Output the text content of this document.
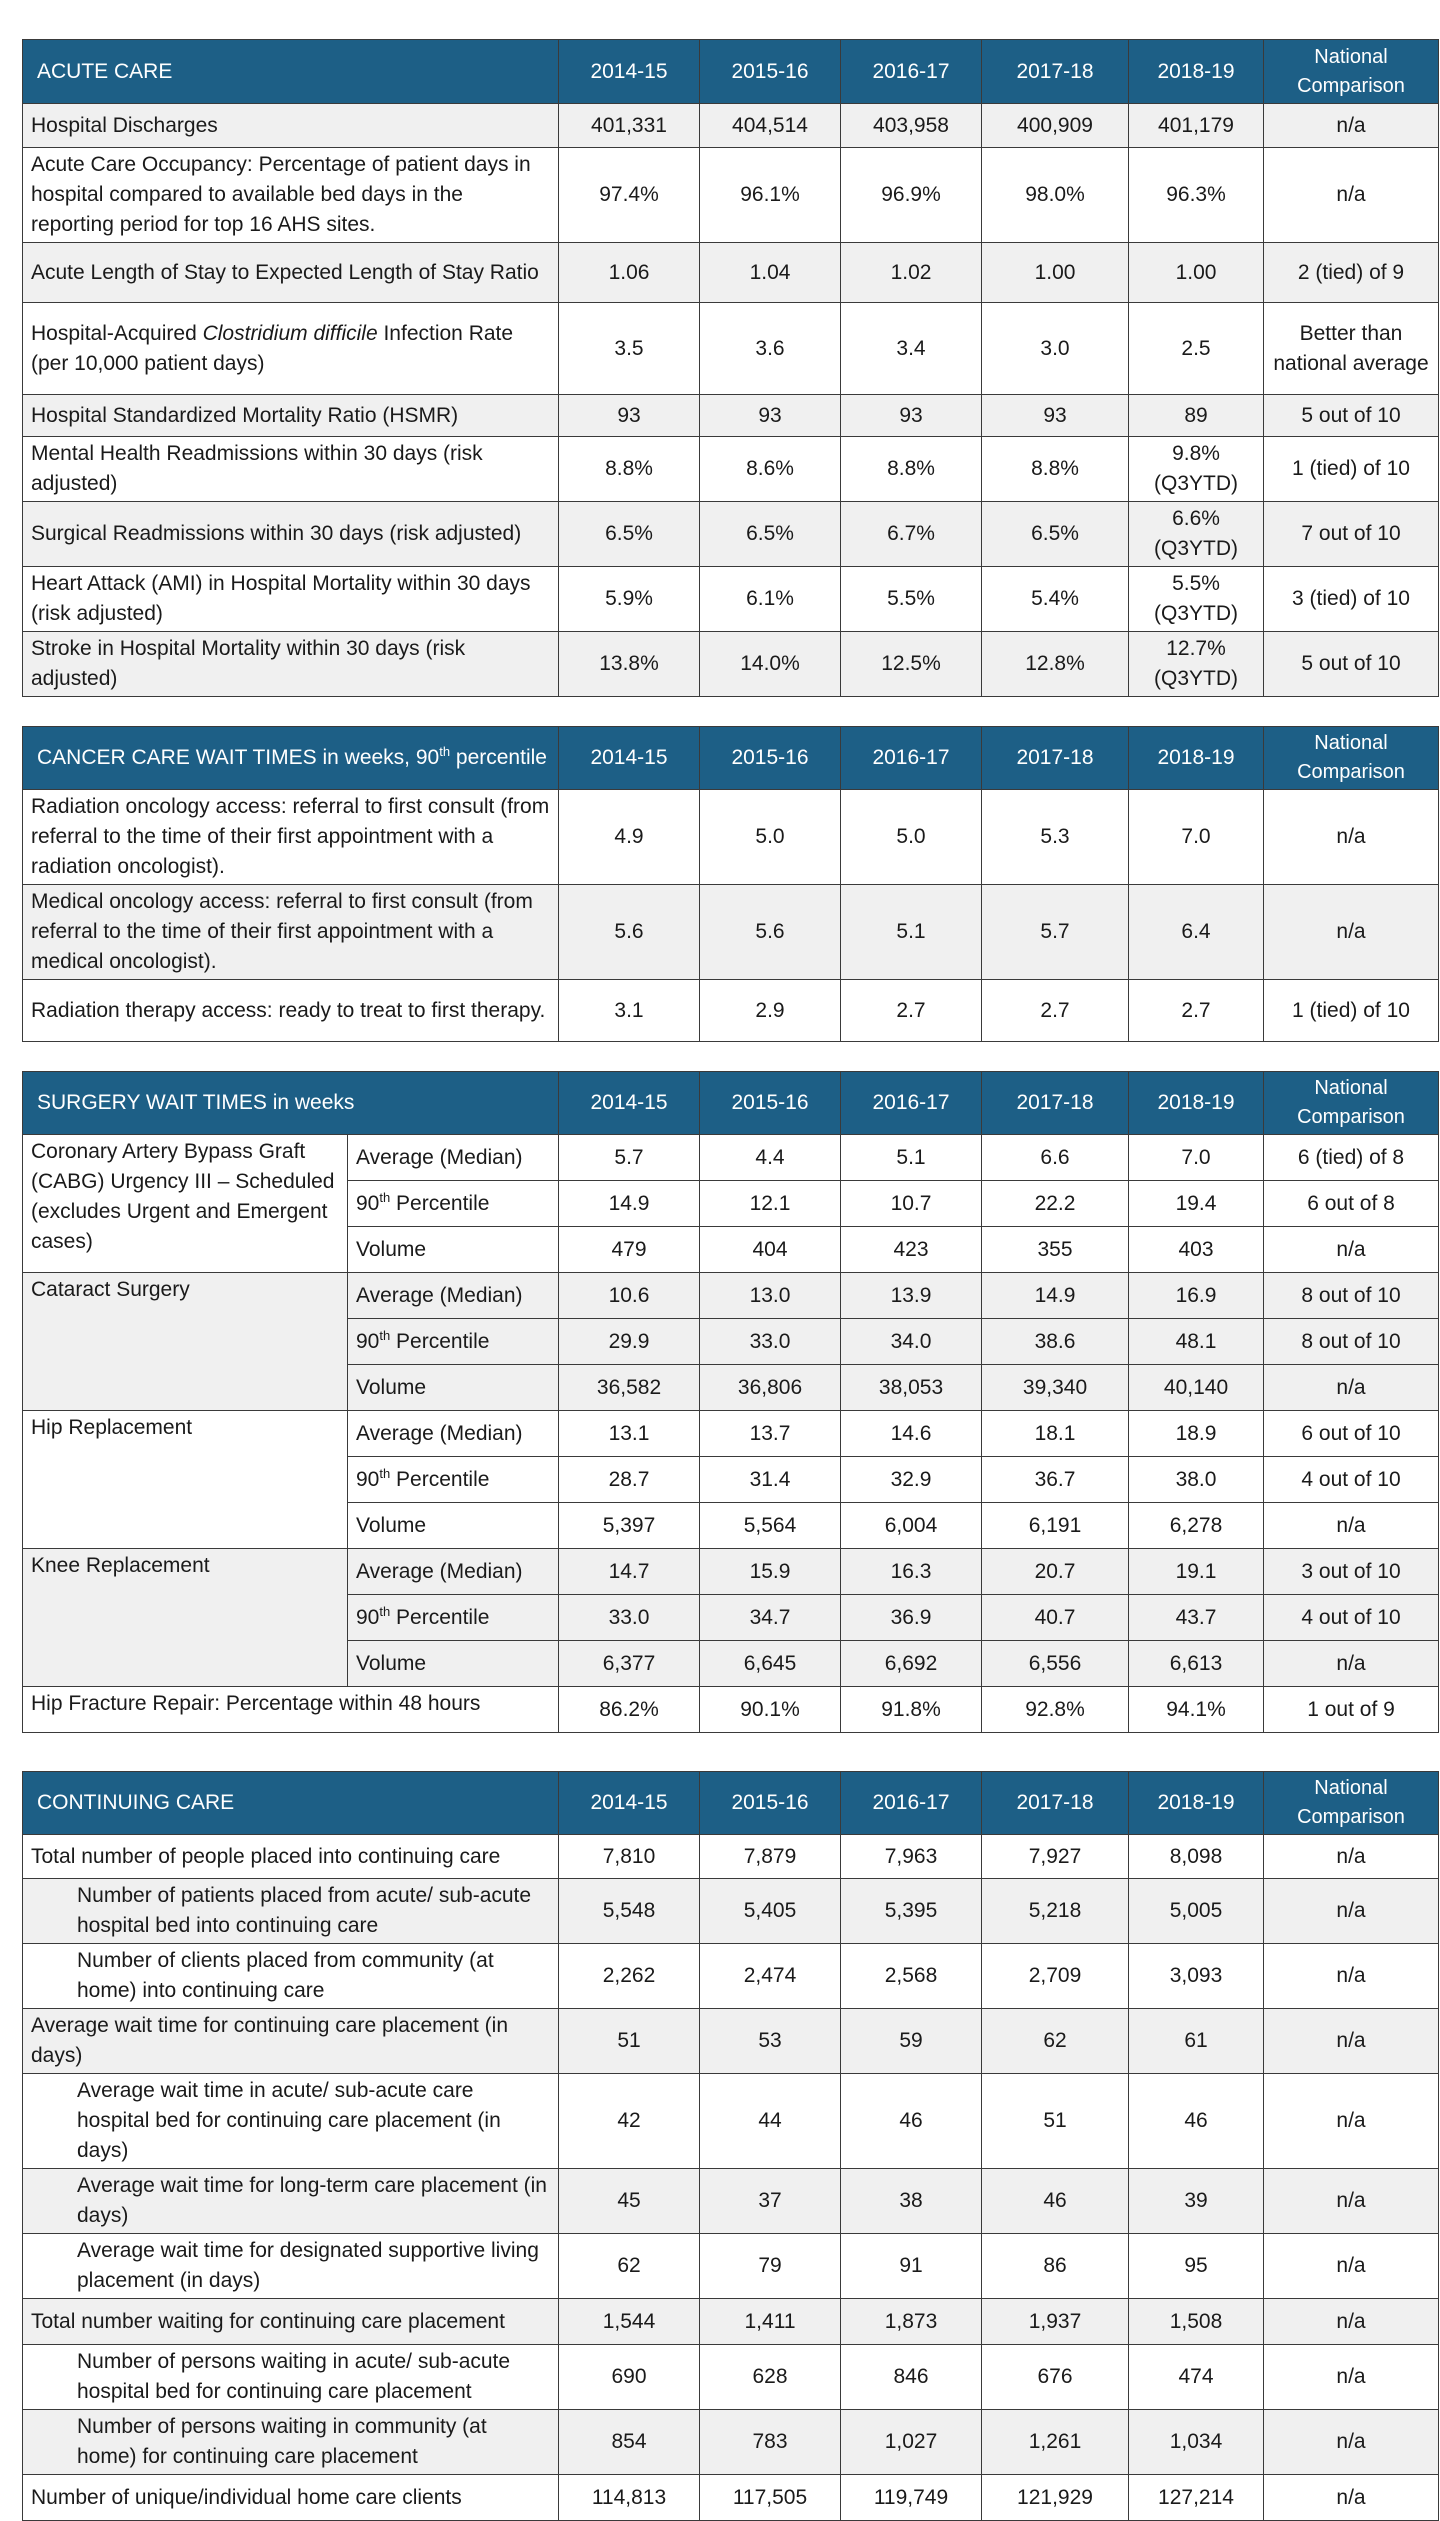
ACUTE CARE	2014-15	2015-16	2016-17	2017-18	2018-19	National Comparison
Hospital Discharges	401,331	404,514	403,958	400,909	401,179	n/a
Acute Care Occupancy: Percentage of patient days in hospital compared to available bed days in the reporting period for top 16 AHS sites.	97.4%	96.1%	96.9%	98.0%	96.3%	n/a
Acute Length of Stay to Expected Length of Stay Ratio	1.06	1.04	1.02	1.00	1.00	2 (tied) of 9
Hospital-Acquired Clostridium difficile Infection Rate (per 10,000 patient days)	3.5	3.6	3.4	3.0	2.5	Better than national average
Hospital Standardized Mortality Ratio (HSMR)	93	93	93	93	89	5 out of 10
Mental Health Readmissions within 30 days (risk adjusted)	8.8%	8.6%	8.8%	8.8%	9.8% (Q3YTD)	1 (tied) of 10
Surgical Readmissions within 30 days (risk adjusted)	6.5%	6.5%	6.7%	6.5%	6.6% (Q3YTD)	7 out of 10
Heart Attack (AMI) in Hospital Mortality within 30 days (risk adjusted)	5.9%	6.1%	5.5%	5.4%	5.5% (Q3YTD)	3 (tied) of 10
Stroke in Hospital Mortality within 30 days (risk adjusted)	13.8%	14.0%	12.5%	12.8%	12.7% (Q3YTD)	5 out of 10
CANCER CARE WAIT TIMES in weeks, 90th percentile	2014-15	2015-16	2016-17	2017-18	2018-19	National Comparison
Radiation oncology access: referral to first consult (from referral to the time of their first appointment with a radiation oncologist).	4.9	5.0	5.0	5.3	7.0	n/a
Medical oncology access: referral to first consult (from referral to the time of their first appointment with a medical oncologist).	5.6	5.6	5.1	5.7	6.4	n/a
Radiation therapy access: ready to treat to first therapy.	3.1	2.9	2.7	2.7	2.7	1 (tied) of 10
SURGERY WAIT TIMES in weeks		2014-15	2015-16	2016-17	2017-18	2018-19	National Comparison
Coronary Artery Bypass Graft (CABG) Urgency III – Scheduled (excludes Urgent and Emergent cases)	Average (Median)	5.7	4.4	5.1	6.6	7.0	6 (tied) of 8
	90th Percentile	14.9	12.1	10.7	22.2	19.4	6 out of 8
	Volume	479	404	423	355	403	n/a
Cataract Surgery	Average (Median)	10.6	13.0	13.9	14.9	16.9	8 out of 10
	90th Percentile	29.9	33.0	34.0	38.6	48.1	8 out of 10
	Volume	36,582	36,806	38,053	39,340	40,140	n/a
Hip Replacement	Average (Median)	13.1	13.7	14.6	18.1	18.9	6 out of 10
	90th Percentile	28.7	31.4	32.9	36.7	38.0	4 out of 10
	Volume	5,397	5,564	6,004	6,191	6,278	n/a
Knee Replacement	Average (Median)	14.7	15.9	16.3	20.7	19.1	3 out of 10
	90th Percentile	33.0	34.7	36.9	40.7	43.7	4 out of 10
	Volume	6,377	6,645	6,692	6,556	6,613	n/a
Hip Fracture Repair: Percentage within 48 hours		86.2%	90.1%	91.8%	92.8%	94.1%	1 out of 9
CONTINUING CARE	2014-15	2015-16	2016-17	2017-18	2018-19	National Comparison
Total number of people placed into continuing care	7,810	7,879	7,963	7,927	8,098	n/a
Number of patients placed from acute/ sub-acute hospital bed into continuing care	5,548	5,405	5,395	5,218	5,005	n/a
Number of clients placed from community (at home) into continuing care	2,262	2,474	2,568	2,709	3,093	n/a
Average wait time for continuing care placement (in days)	51	53	59	62	61	n/a
Average wait time in acute/ sub-acute care hospital bed for continuing care placement (in days)	42	44	46	51	46	n/a
Average wait time for long-term care placement (in days)	45	37	38	46	39	n/a
Average wait time for designated supportive living placement (in days)	62	79	91	86	95	n/a
Total number waiting for continuing care placement	1,544	1,411	1,873	1,937	1,508	n/a
Number of persons waiting in acute/ sub-acute hospital bed for continuing care placement	690	628	846	676	474	n/a
Number of persons waiting in community (at home) for continuing care placement	854	783	1,027	1,261	1,034	n/a
Number of unique/individual home care clients	114,813	117,505	119,749	121,929	127,214	n/a
